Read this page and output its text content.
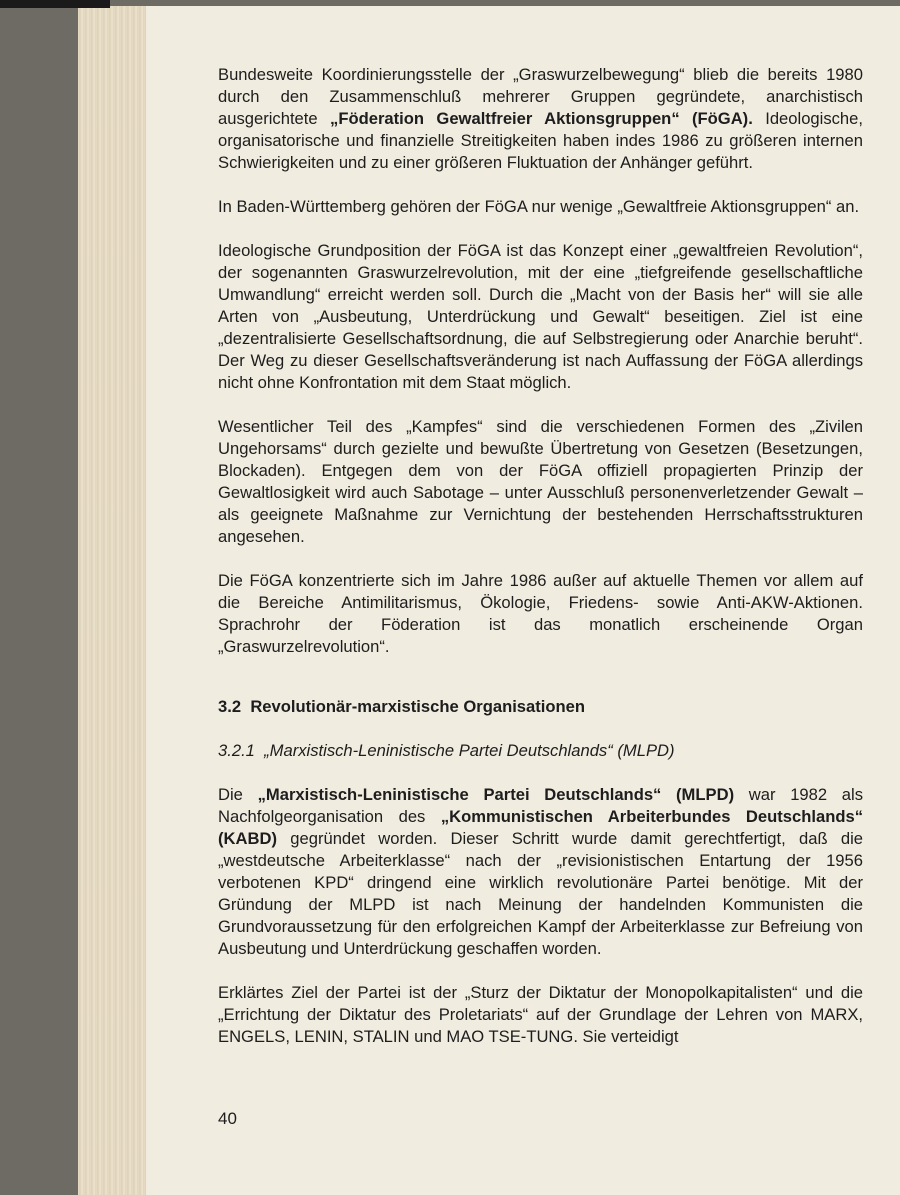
Bundesweite Koordinierungsstelle der „Graswurzelbewegung“ blieb die bereits 1980 durch den Zusammenschluß mehrerer Gruppen gegründete, anarchistisch ausgerichtete „Föderation Gewaltfreier Aktionsgruppen“ (FöGA). Ideologische, organisatorische und finanzielle Streitigkeiten haben indes 1986 zu größeren internen Schwierigkeiten und zu einer größeren Fluktuation der Anhänger geführt.

In Baden-Württemberg gehören der FöGA nur wenige „Gewaltfreie Aktionsgruppen“ an.

Ideologische Grundposition der FöGA ist das Konzept einer „gewaltfreien Revolution“, der sogenannten Graswurzelrevolution, mit der eine „tiefgreifende gesellschaftliche Umwandlung“ erreicht werden soll. Durch die „Macht von der Basis her“ will sie alle Arten von „Ausbeutung, Unterdrückung und Gewalt“ beseitigen. Ziel ist eine „dezentralisierte Gesellschaftsordnung, die auf Selbstregierung oder Anarchie beruht“. Der Weg zu dieser Gesellschaftsveränderung ist nach Auffassung der FöGA allerdings nicht ohne Konfrontation mit dem Staat möglich.

Wesentlicher Teil des „Kampfes“ sind die verschiedenen Formen des „Zivilen Ungehorsams“ durch gezielte und bewußte Übertretung von Gesetzen (Besetzungen, Blockaden). Entgegen dem von der FöGA offiziell propagierten Prinzip der Gewaltlosigkeit wird auch Sabotage – unter Ausschluß personenverletzender Gewalt – als geeignete Maßnahme zur Vernichtung der bestehenden Herrschaftsstrukturen angesehen.

Die FöGA konzentrierte sich im Jahre 1986 außer auf aktuelle Themen vor allem auf die Bereiche Antimilitarismus, Ökologie, Friedens- sowie Anti-AKW-Aktionen. Sprachrohr der Föderation ist das monatlich erscheinende Organ „Graswurzelrevolution“.

3.2 Revolutionär-marxistische Organisationen

3.2.1 „Marxistisch-Leninistische Partei Deutschlands“ (MLPD)

Die „Marxistisch-Leninistische Partei Deutschlands“ (MLPD) war 1982 als Nachfolgeorganisation des „Kommunistischen Arbeiterbundes Deutschlands“ (KABD) gegründet worden. Dieser Schritt wurde damit gerechtfertigt, daß die „westdeutsche Arbeiterklasse“ nach der „revisionistischen Entartung der 1956 verbotenen KPD“ dringend eine wirklich revolutionäre Partei benötige. Mit der Gründung der MLPD ist nach Meinung der handelnden Kommunisten die Grundvoraussetzung für den erfolgreichen Kampf der Arbeiterklasse zur Befreiung von Ausbeutung und Unterdrückung geschaffen worden.

Erklärtes Ziel der Partei ist der „Sturz der Diktatur der Monopolkapitalisten“ und die „Errichtung der Diktatur des Proletariats“ auf der Grundlage der Lehren von MARX, ENGELS, LENIN, STALIN und MAO TSE-TUNG. Sie verteidigt

40
